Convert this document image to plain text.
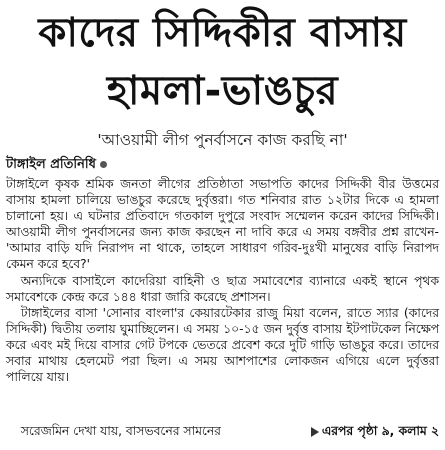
কাদের সিদ্দিকীর বাসায়
হামলা-ভাঙচুর
'আওয়ামী লীগ পুনর্বাসনে কাজ করছি না'
টাঙ্গাইল প্রতিনিধি

টাঙ্গাইলে কৃষক শ্রমিক জনতা লীগের প্রতিষ্ঠাতা সভাপতি কাদের সিদ্দিকী বীর উত্তমের বাসায় হামলা চালিয়ে ভাঙচুর করেছে দুর্বৃত্তরা। গত শনিবার রাত ১২টার দিকে এ হামলা চালানো হয়। এ ঘটনার প্রতিবাদে গতকাল দুপুরে সংবাদ সম্মেলন করেন কাদের সিদ্দিকী। আওয়ামী লীগ পুনর্বাসনের জন্য কাজ করছেন না দাবি করে এ সময় বঙ্গবীর প্রশ্ন রাখেন- 'আমার বাড়ি যদি নিরাপদ না থাকে, তাহলে সাধারণ গরিব-দুঃখী মানুষের বাড়ি নিরাপদ কেমন করে হবে?'

অন্যদিকে বাসাইলে কাদেরিয়া বাহিনী ও ছাত্র সমাবেশের ব্যানারে একই স্থানে পৃথক সমাবেশকে কেন্দ্র করে ১৪৪ ধারা জারি করেছে প্রশাসন।

টাঙ্গাইলের বাসা 'সোনার বাংলা'র কেয়ারটেকার রাজু মিয়া বলেন, রাতে স্যার (কাদের সিদ্দিকী) দ্বিতীয় তলায় ঘুমাচ্ছিলেন। এ সময় ১০-১৫ জন দুর্বৃত্ত বাসায় ইটপাটকেল নিক্ষেপ করে এবং মই দিয়ে বাসার গেট টপকে ভেতরে প্রবেশ করে দুটি গাড়ি ভাঙচুর করে। তাদের সবার মাথায় হেলমেট পরা ছিল। এ সময় আশপাশের লোকজন এগিয়ে এলে দুর্বৃত্তরা পালিয়ে যায়।

সরেজমিন দেখা যায়, বাসভবনের সামনের	এরপর পৃষ্ঠা ৯, কলাম ২
